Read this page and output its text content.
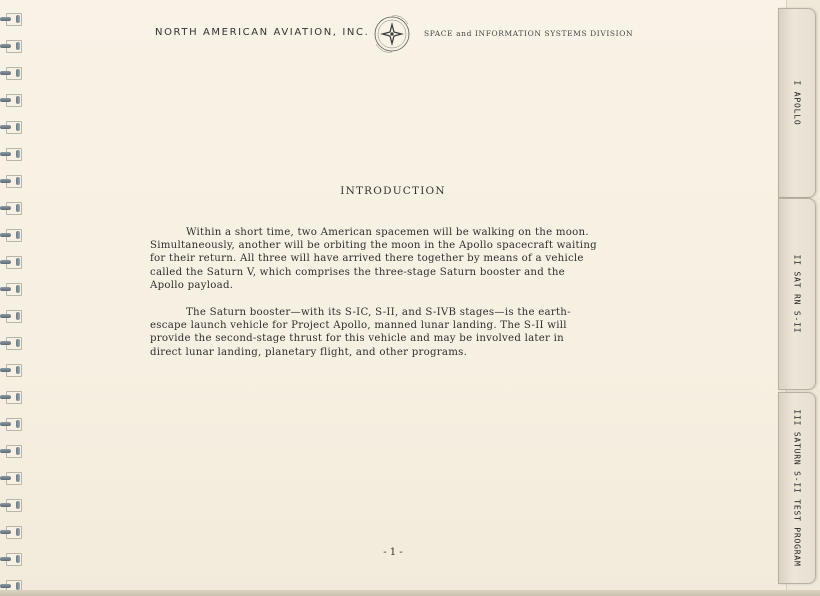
NORTH AMERICAN AVIATION, INC.	SPACE and INFORMATION SYSTEMS DIVISION
INTRODUCTION

Within a short time, two American spacemen will be walking on the moon.
Simultaneously, another will be orbiting the moon in the Apollo spacecraft waiting
for their return. All three will have arrived there together by means of a vehicle
called the Saturn V, which comprises the three-stage Saturn booster and the
Apollo payload.

The Saturn booster—with its S-IC, S-II, and S-IVB stages—is the earth-
escape launch vehicle for Project Apollo, manned lunar landing. The S-II will
provide the second-stage thrust for this vehicle and may be involved later in
direct lunar landing, planetary flight, and other programs.

- 1 -
I APOLLO
II SAT RN S-II
III SATURN S-II TEST PROGRAM
